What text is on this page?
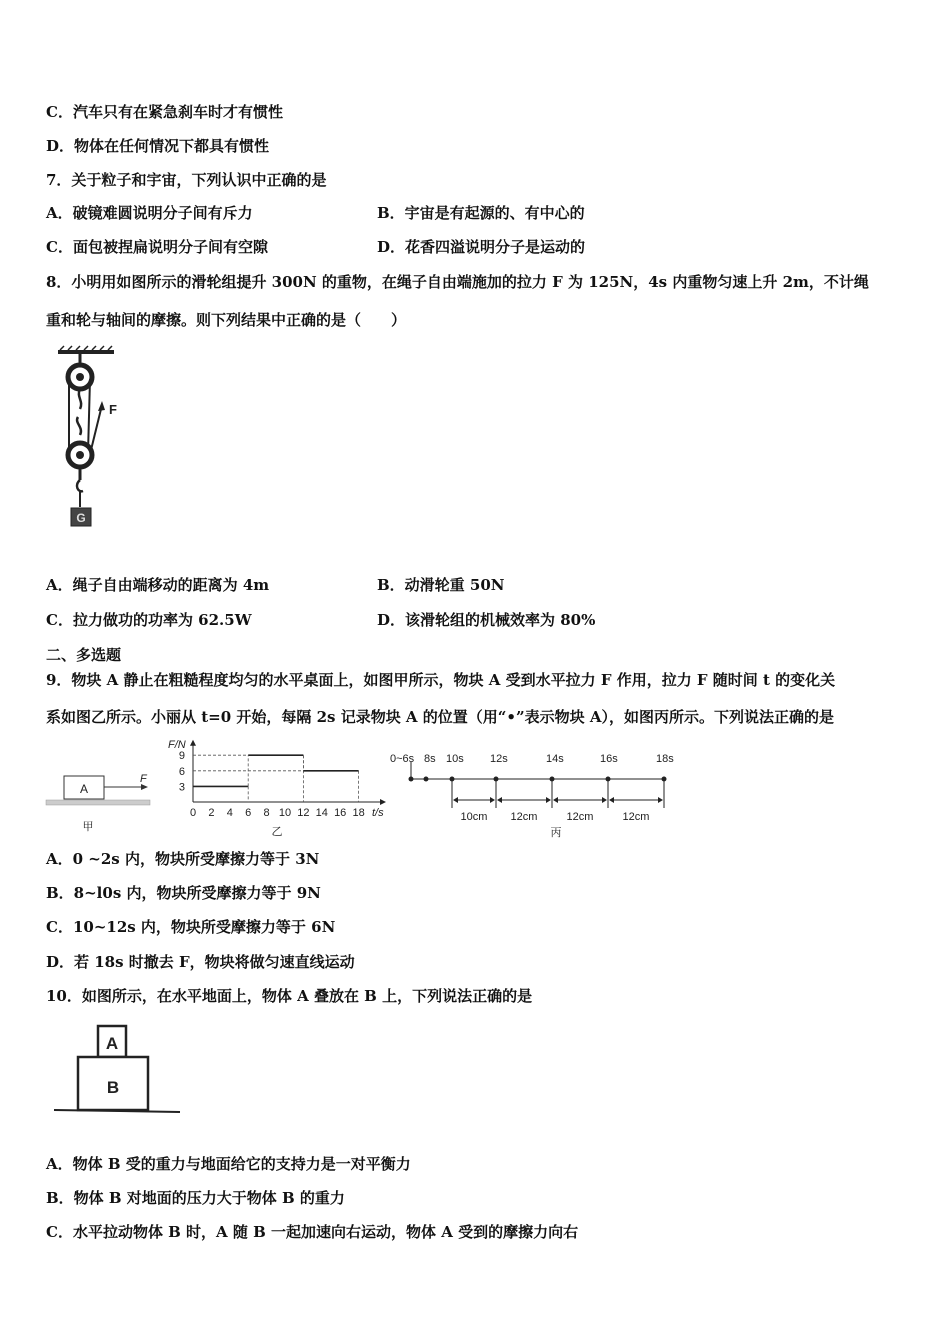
C．汽车只有在紧急刹车时才有惯性
D．物体在任何情况下都具有惯性
7．关于粒子和宇宙，下列认识中正确的是
A．破镜难圆说明分子间有斥力	B．宇宙是有起源的、有中心的
C．面包被捏扁说明分子间有空隙	D．花香四溢说明分子是运动的
8．小明用如图所示的滑轮组提升 300N 的重物，在绳子自由端施加的拉力 F 为 125N，4s 内重物匀速上升 2m，不计绳
重和轮与轴间的摩擦。则下列结果中正确的是（　　）
F
G
A．绳子自由端移动的距离为 4m	B．动滑轮重 50N
C．拉力做功的功率为 62.5W	D．该滑轮组的机械效率为 80%
二、多选题
9．物块 A 静止在粗糙程度均匀的水平桌面上，如图甲所示，物块 A 受到水平拉力 F 作用，拉力 F 随时间 t 的变化关
系如图乙所示。小丽从 t=0 开始，每隔 2s 记录物块 A 的位置（用“•”表示物块 A），如图丙所示。下列说法正确的是
A
F
甲
F/N
t/s
乙
0 2 4 6 8 10 12 14 16 18
3
6
9	0~6s 8s 10s 12s	14s	16s	18s
10cm 12cm	12cm	12cm
丙
A．0 ~2s 内，物块所受摩擦力等于 3N
B．8~l0s 内，物块所受摩擦力等于 9N
C．10~12s 内，物块所受摩擦力等于 6N
D．若 18s 时撤去 F，物块将做匀速直线运动
10．如图所示，在水平地面上，物体 A 叠放在 B 上，下列说法正确的是
A
B
A．物体 B 受的重力与地面给它的支持力是一对平衡力
B．物体 B 对地面的压力大于物体 B 的重力
C．水平拉动物体 B 时，A 随 B 一起加速向右运动，物体 A 受到的摩擦力向右
